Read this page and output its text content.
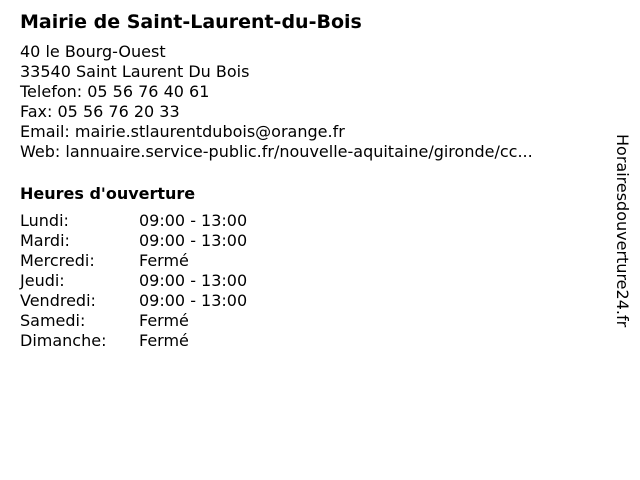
Mairie de Saint-Laurent-du-Bois
40 le Bourg-Ouest
33540 Saint Laurent Du Bois
Telefon: 05 56 76 40 61
Fax: 05 56 76 20 33
Email: mairie.stlaurentdubois@orange.fr
Web: lannuaire.service-public.fr/nouvelle-aquitaine/gironde/cc...
Heures d'ouverture
Lundi:	09:00 - 13:00
Mardi:	09:00 - 13:00
Mercredi:	Fermé
Jeudi:	09:00 - 13:00
Vendredi:	09:00 - 13:00
Samedi:	Fermé
Dimanche: Fermé
Horairesdouverture24.fr
